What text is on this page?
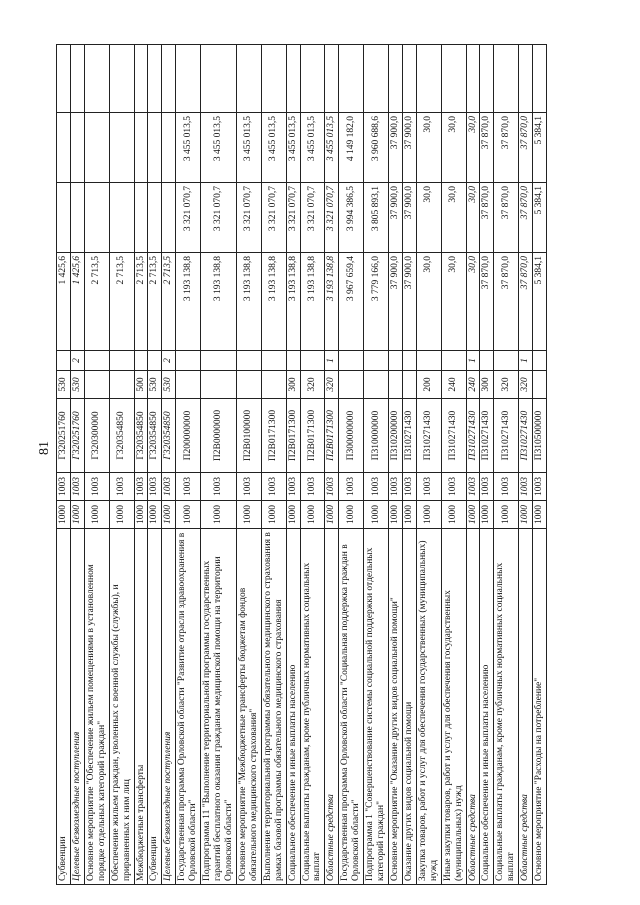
81
Субвенции	1000	1003	Г320251760	530		1 425,6			
Целевые безвозмездные поступления	1000	1003	Г320251760	530	2	1 425,6			
Основное мероприятие "Обеспечение жильем помещениями в установленном порядке отдельных категорий граждан"	1000	1003	Г320300000			2 713,5			
Обеспечение жильем граждан, уволенных с военной службы (службы), и приравненных к ним лиц	1000	1003	Г320354850			2 713,5			
Межбюджетные трансферты	1000	1003	Г320354850	500		2 713,5			
Субвенции	1000	1003	Г320354850	530		2 713,5			
Целевые безвозмездные поступления	1000	1003	Г320354850	530	2	2 713,5			
Государственная программа Орловской области "Развитие отрасли здравоохранения в Орловской области"	1000	1003	П200000000			3 193 138,8	3 321 070,7	3 455 013,5	
Подпрограмма 11 "Выполнение территориальной программы государственных гарантий бесплатного оказания гражданам медицинской помощи на территории Орловской области"	1000	1003	П2В0000000			3 193 138,8	3 321 070,7	3 455 013,5	
Основное мероприятие "Межбюджетные трансферты бюджетам фондов обязательного медицинского страхования"	1000	1003	П2В0100000			3 193 138,8	3 321 070,7	3 455 013,5	
Выполнение территориальной программы обязательного медицинского страхования в рамках базовой программы обязательного медицинского страхования	1000	1003	П2В0171300			3 193 138,8	3 321 070,7	3 455 013,5	
Социальное обеспечение и иные выплаты населению	1000	1003	П2В0171300	300		3 193 138,8	3 321 070,7	3 455 013,5	
Социальные выплаты гражданам, кроме публичных нормативных социальных выплат	1000	1003	П2В0171300	320		3 193 138,8	3 321 070,7	3 455 013,5	
Областные средства	1000	1003	П2В0171300	320	1	3 193 138,8	3 321 070,7	3 455 013,5	
Государственная программа Орловской области "Социальная поддержка граждан в Орловской области"	1000	1003	П300000000			3 967 659,4	3 994 386,5	4 149 182,0	
Подпрограмма 1 "Совершенствование системы социальной поддержки отдельных категорий граждан"	1000	1003	П310000000			3 779 166,0	3 805 893,1	3 960 688,6	
Основное мероприятие "Оказание других видов социальной помощи"	1000	1003	П310200000			37 900,0	37 900,0	37 900,0	
Оказание других видов социальной помощи	1000	1003	П310271430			37 900,0	37 900,0	37 900,0	
Закупка товаров, работ и услуг для обеспечения государственных (муниципальных) нужд	1000	1003	П310271430	200		30,0	30,0	30,0	
Иные закупки товаров, работ и услуг для обеспечения государственных (муниципальных) нужд	1000	1003	П310271430	240		30,0	30,0	30,0	
Областные средства	1000	1003	П310271430	240	1	30,0	30,0	30,0	
Социальное обеспечение и иные выплаты населению	1000	1003	П310271430	300		37 870,0	37 870,0	37 870,0	
Социальные выплаты гражданам, кроме публичных нормативных социальных выплат	1000	1003	П310271430	320		37 870,0	37 870,0	37 870,0	
Областные средства	1000	1003	П310271430	320	1	37 870,0	37 870,0	37 870,0	
Основное мероприятие "Расходы на потребление"	1000	1003	П310500000			5 384,1	5 384,1	5 384,1	
